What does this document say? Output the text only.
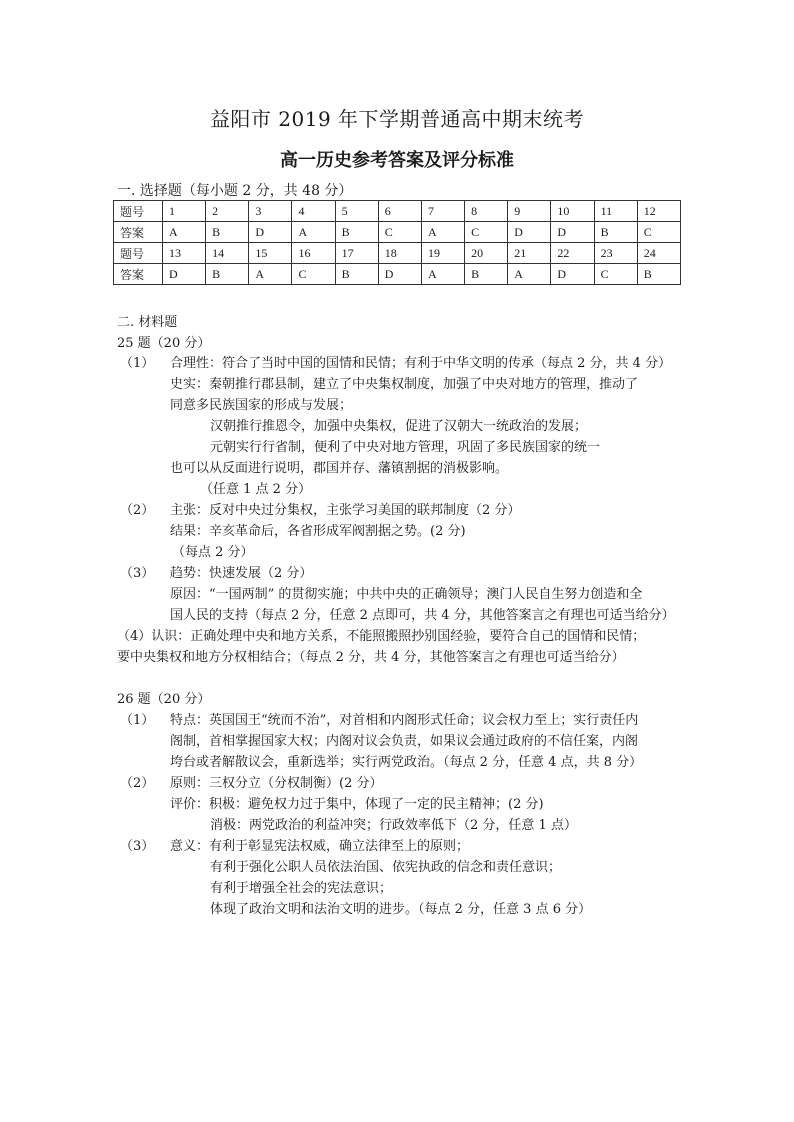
益阳市 2019 年下学期普通高中期末统考
高一历史参考答案及评分标准
一. 选择题（每小题 2 分，共 48 分）
题号	1	2	3	4	5	6	7	8	9	10	11	12
答案	A	B	D	A	B	C	A	C	D	D	B	C
题号	13	14	15	16	17	18	19	20	21	22	23	24
答案	D	B	A	C	B	D	A	B	A	D	C	B
二. 材料题
25 题（20 分）
（1） 合理性：符合了当时中国的国情和民情；有利于中华文明的传承（每点 2 分，共 4 分）
史实：秦朝推行郡县制，建立了中央集权制度，加强了中央对地方的管理，推动了
同意多民族国家的形成与发展；
汉朝推行推恩令，加强中央集权，促进了汉朝大一统政治的发展；
元朝实行行省制，便利了中央对地方管理，巩固了多民族国家的统一
也可以从反面进行说明，郡国并存、藩镇割据的消极影响。
（任意 1 点 2 分）
（2） 主张：反对中央过分集权，主张学习美国的联邦制度（2 分）
结果：辛亥革命后，各省形成军阀割据之势。(2 分)
（每点 2 分）
（3） 趋势：快速发展（2 分）
原因：“一国两制” 的贯彻实施；中共中央的正确领导；澳门人民自生努力创造和全
国人民的支持（每点 2 分，任意 2 点即可，共 4 分，其他答案言之有理也可适当给分）
（4）认识：正确处理中央和地方关系，不能照搬照抄别国经验，要符合自己的国情和民情；
要中央集权和地方分权相结合；（每点 2 分，共 4 分，其他答案言之有理也可适当给分）
26 题（20 分）
（1） 特点：英国国王“统而不治”，对首相和内阁形式任命；议会权力至上；实行责任内
阁制，首相掌握国家大权；内阁对议会负责，如果议会通过政府的不信任案，内阁
垮台或者解散议会，重新选举；实行两党政治。（每点 2 分，任意 4 点，共 8 分）
（2） 原则：三权分立（分权制衡）(2 分）
评价：积极：避免权力过于集中，体现了一定的民主精神；(2 分)
消极：两党政治的利益冲突；行政效率低下（2 分，任意 1 点）
（3） 意义：有利于彰显宪法权威，确立法律至上的原则；
有利于强化公职人员依法治国、依宪执政的信念和责任意识；
有利于增强全社会的宪法意识；
体现了政治文明和法治文明的进步。（每点 2 分，任意 3 点 6 分）
